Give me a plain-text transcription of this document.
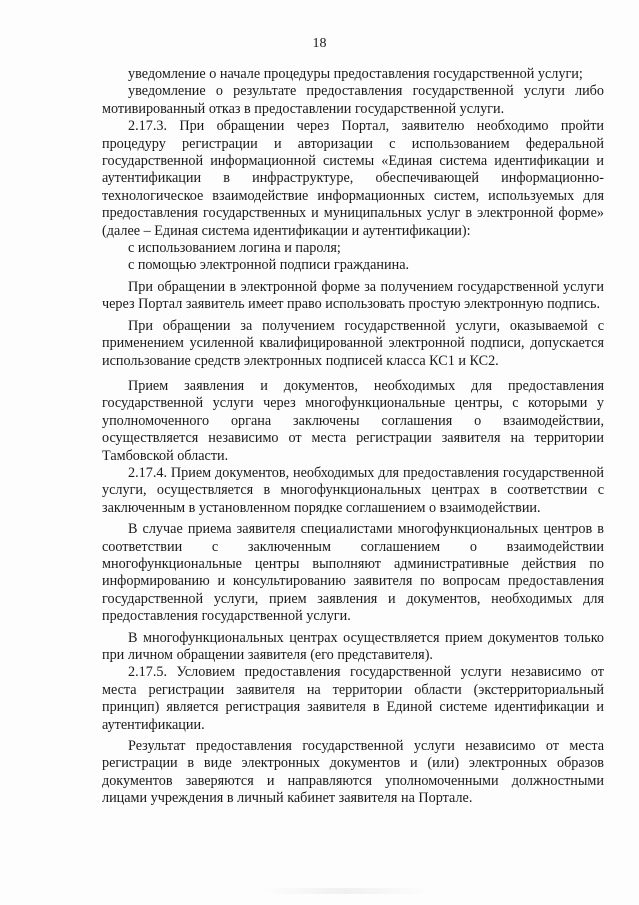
18

уведомление о начале процедуры предоставления государственной услуги;

уведомление о результате предоставления государственной услуги либо мотивированный отказ в предоставлении государственной услуги.

2.17.3. При обращении через Портал, заявителю необходимо пройти процедуру регистрации и авторизации с использованием федеральной государственной информационной системы «Единая система идентификации и аутентификации в инфраструктуре, обеспечивающей информационно-технологическое взаимодействие информационных систем, используемых для предоставления государственных и муниципальных услуг в электронной форме» (далее – Единая система идентификации и аутентификации):

с использованием логина и пароля;

с помощью электронной подписи гражданина.

При обращении в электронной форме за получением государственной услуги через Портал заявитель имеет право использовать простую электронную подпись.

При обращении за получением государственной услуги, оказываемой с применением усиленной квалифицированной электронной подписи, допускается использование средств электронных подписей класса КС1 и КС2.

Прием заявления и документов, необходимых для предоставления государственной услуги через многофункциональные центры, с которыми у уполномоченного органа заключены соглашения о взаимодействии, осуществляется независимо от места регистрации заявителя на территории Тамбовской области.

2.17.4. Прием документов, необходимых для предоставления государственной услуги, осуществляется в многофункциональных центрах в соответствии с заключенным в установленном порядке соглашением о взаимодействии.

В случае приема заявителя специалистами многофункциональных центров в соответствии с заключенным соглашением о взаимодействии многофункциональные центры выполняют административные действия по информированию и консультированию заявителя по вопросам предоставления государственной услуги, прием заявления и документов, необходимых для предоставления государственной услуги.

В многофункциональных центрах осуществляется прием документов только при личном обращении заявителя (его представителя).

2.17.5. Условием предоставления государственной услуги независимо от места регистрации заявителя на территории области (экстерриториальный принцип) является регистрация заявителя в Единой системе идентификации и аутентификации.

Результат предоставления государственной услуги независимо от места регистрации в виде электронных документов и (или) электронных образов документов заверяются и направляются уполномоченными должностными лицами учреждения в личный кабинет заявителя на Портале.
